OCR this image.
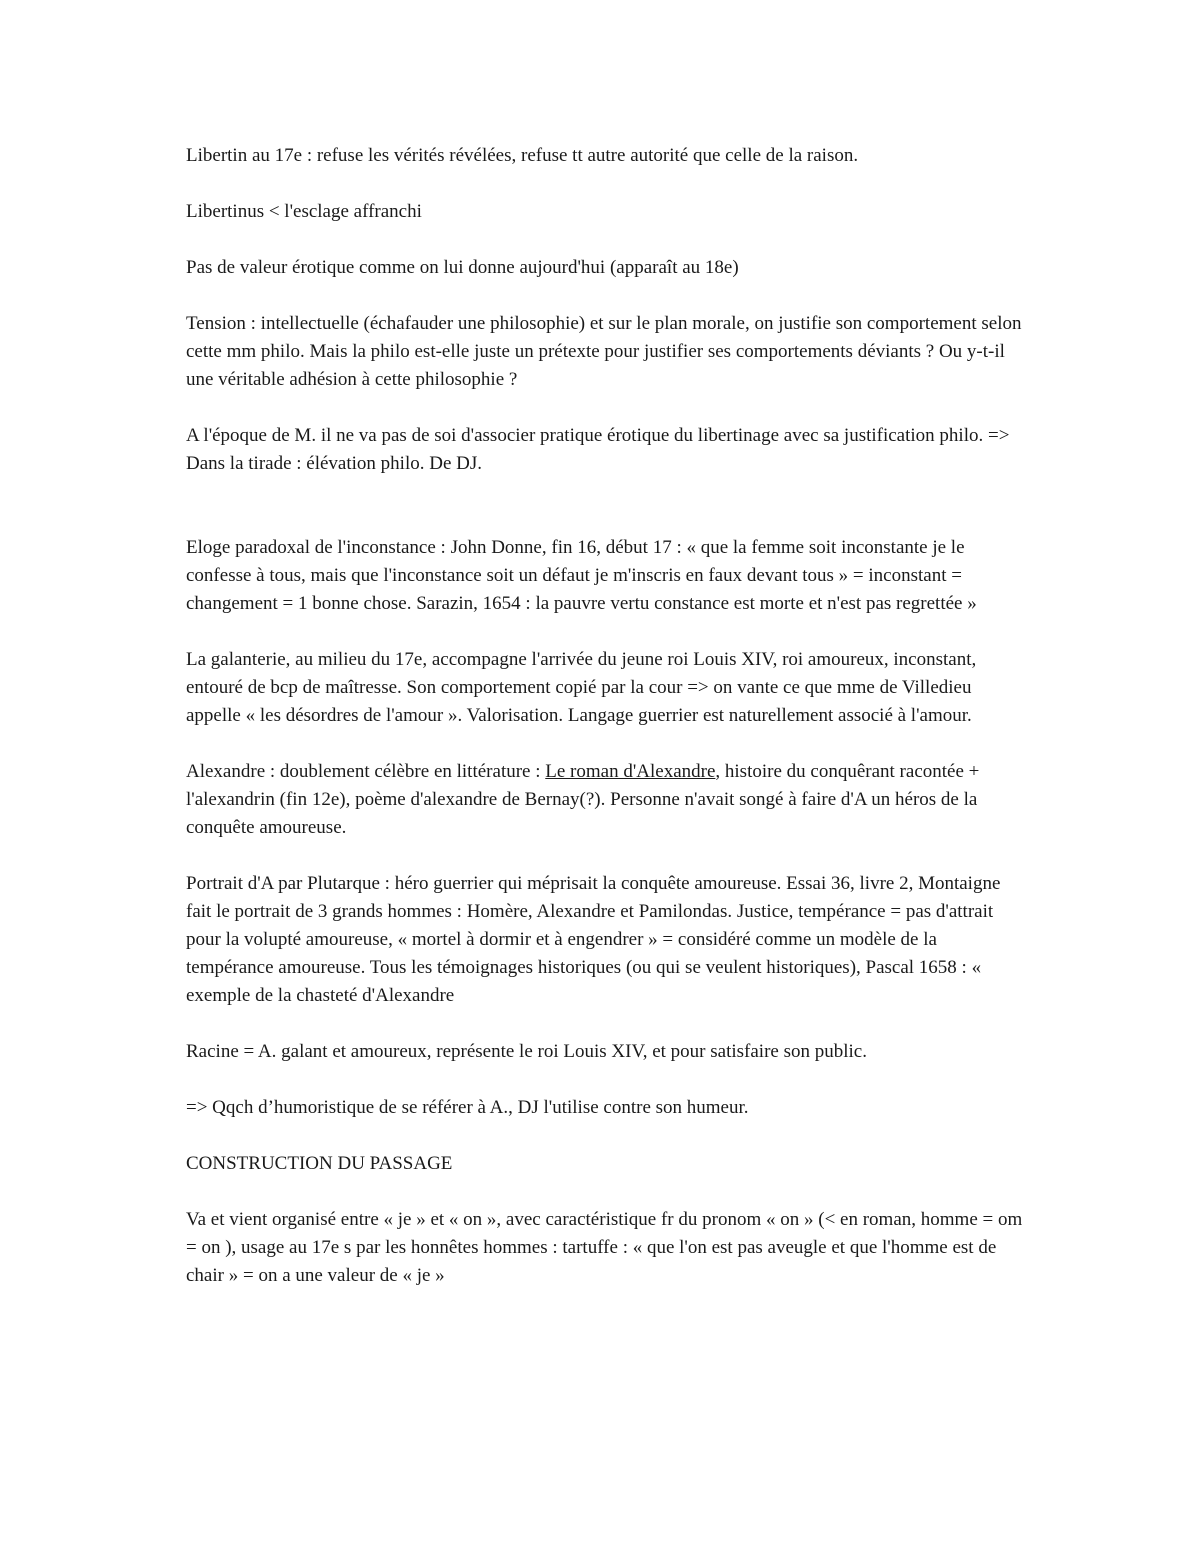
Libertin au 17e : refuse les vérités révélées, refuse tt autre autorité que celle de la raison.

Libertinus < l'esclage affranchi

Pas de valeur érotique comme on lui donne aujourd'hui (apparaît au 18e)

Tension : intellectuelle (échafauder une philosophie) et sur le plan morale, on justifie son comportement selon cette mm philo. Mais la philo est-elle juste un prétexte pour justifier ses comportements déviants ? Ou y-t-il une véritable adhésion à cette philosophie ?

A l'époque de M. il ne va pas de soi d'associer pratique érotique du libertinage avec sa justification philo. => Dans la tirade : élévation philo. De DJ.

Eloge paradoxal de l'inconstance : John Donne, fin 16, début 17 : « que la femme soit inconstante je le confesse à tous, mais que l'inconstance soit un défaut je m'inscris en faux devant tous » = inconstant = changement = 1 bonne chose. Sarazin, 1654 : la pauvre vertu constance est morte et n'est pas regrettée »

La galanterie, au milieu du 17e, accompagne l'arrivée du jeune roi Louis XIV, roi amoureux, inconstant, entouré de bcp de maîtresse. Son comportement copié par la cour => on vante ce que mme de Villedieu appelle « les désordres de l'amour ». Valorisation. Langage guerrier est naturellement associé à l'amour.

Alexandre : doublement célèbre en littérature : Le roman d'Alexandre, histoire du conquêrant racontée + l'alexandrin (fin 12e), poème d'alexandre de Bernay(?). Personne n'avait songé à faire d'A un héros de la conquête amoureuse.

Portrait d'A par Plutarque : héro guerrier qui méprisait la conquête amoureuse. Essai 36, livre 2, Montaigne fait le portrait de 3 grands hommes : Homère, Alexandre et Pamilondas. Justice, tempérance = pas d'attrait pour la volupté amoureuse, « mortel à dormir et à engendrer » = considéré comme un modèle de la tempérance amoureuse. Tous les témoignages historiques (ou qui se veulent historiques), Pascal 1658 : « exemple de la chasteté d'Alexandre

Racine = A. galant et amoureux, représente le roi Louis XIV, et pour satisfaire son public.

=> Qqch d’humoristique de se référer à A., DJ l'utilise contre son humeur.

CONSTRUCTION DU PASSAGE

Va et vient organisé entre « je » et « on », avec caractéristique fr du pronom « on » (< en roman, homme = om = on ), usage au 17e s par les honnêtes hommes : tartuffe : « que l'on est pas aveugle et que l'homme est de chair » = on a une valeur de « je »
